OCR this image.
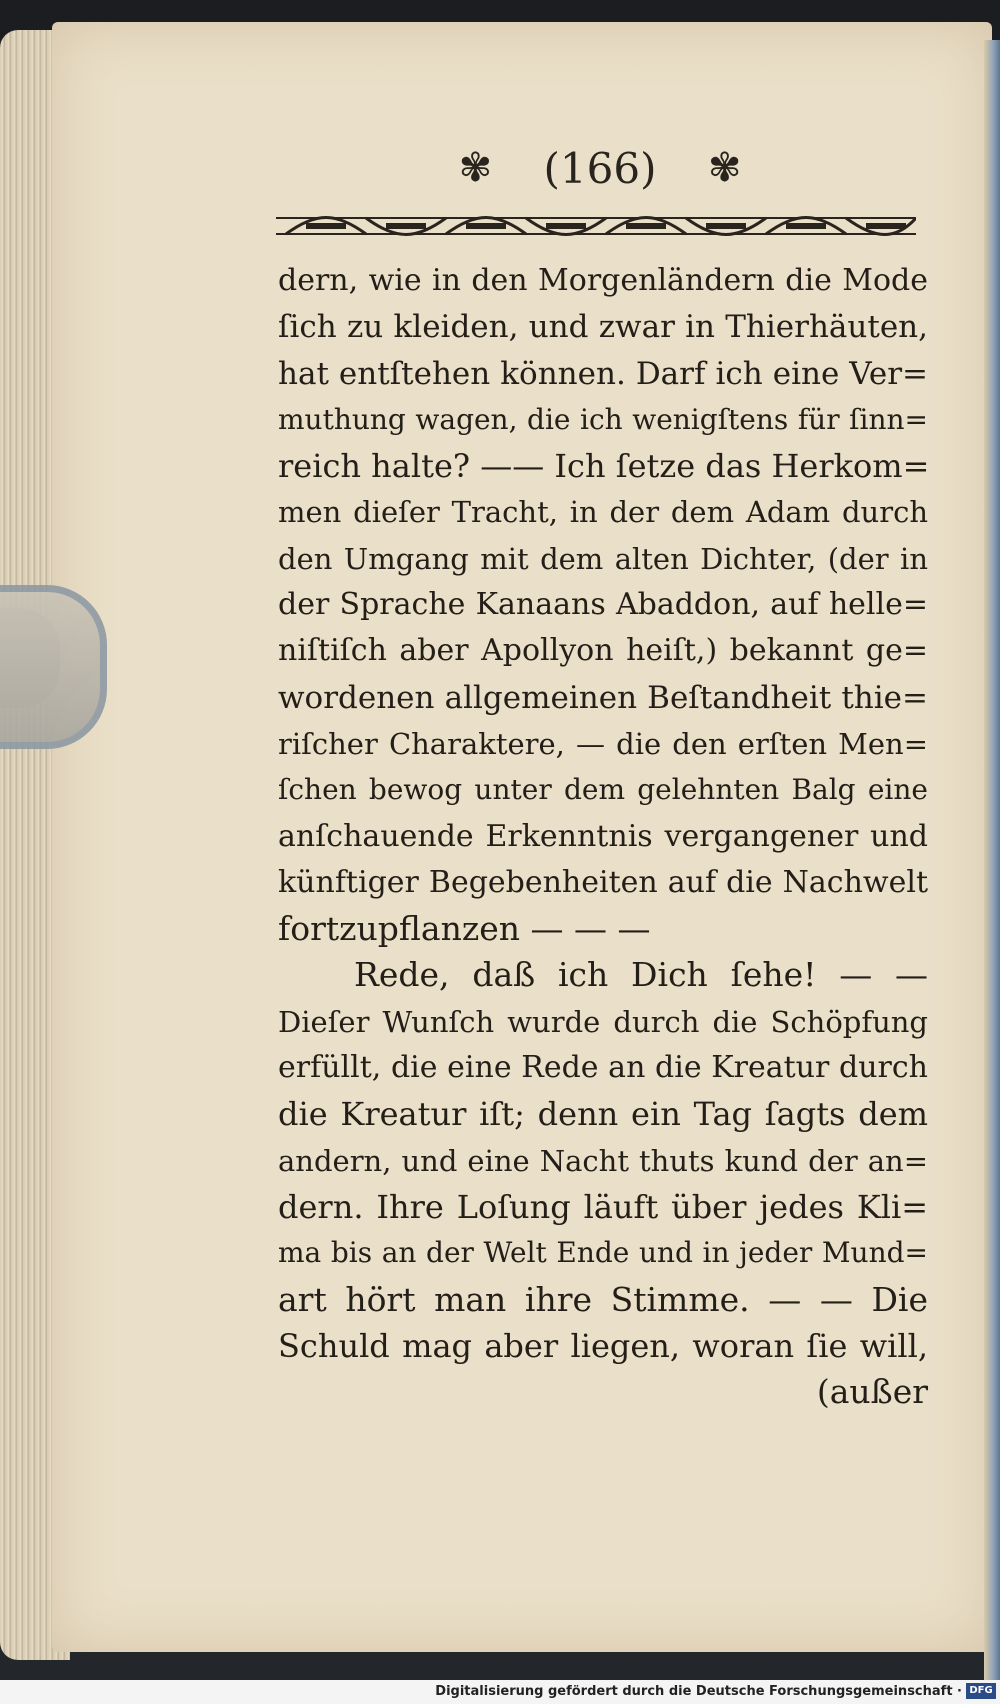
✾ (166) ✾
dern, wie in den Morgenländern die Mode
ſich zu kleiden, und zwar in Thierhäuten,
hat entſtehen können. Darf ich eine Ver=
muthung wagen, die ich wenigſtens für ſinn=
reich halte? —— Ich ſetze das Herkom=
men dieſer Tracht, in der dem Adam durch
den Umgang mit dem alten Dichter, (der in
der Sprache Kanaans Abaddon, auf helle=
niſtiſch aber Apollyon heiſt,) bekannt ge=
wordenen allgemeinen Beſtandheit thie=
riſcher Charaktere, — die den erſten Men=
ſchen bewog unter dem gelehnten Balg eine
anſchauende Erkenntnis vergangener und
künftiger Begebenheiten auf die Nachwelt
fortzupflanzen — — —
Rede, daß ich Dich ſehe! — —
Dieſer Wunſch wurde durch die Schöpfung
erfüllt, die eine Rede an die Kreatur durch
die Kreatur iſt; denn ein Tag ſagts dem
andern, und eine Nacht thuts kund der an=
dern. Ihre Loſung läuft über jedes Kli=
ma bis an der Welt Ende und in jeder Mund=
art hört man ihre Stimme. — — Die
Schuld mag aber liegen, woran ſie will,
(außer
Digitalisierung gefördert durch die Deutsche Forschungsgemeinschaft · DFG
